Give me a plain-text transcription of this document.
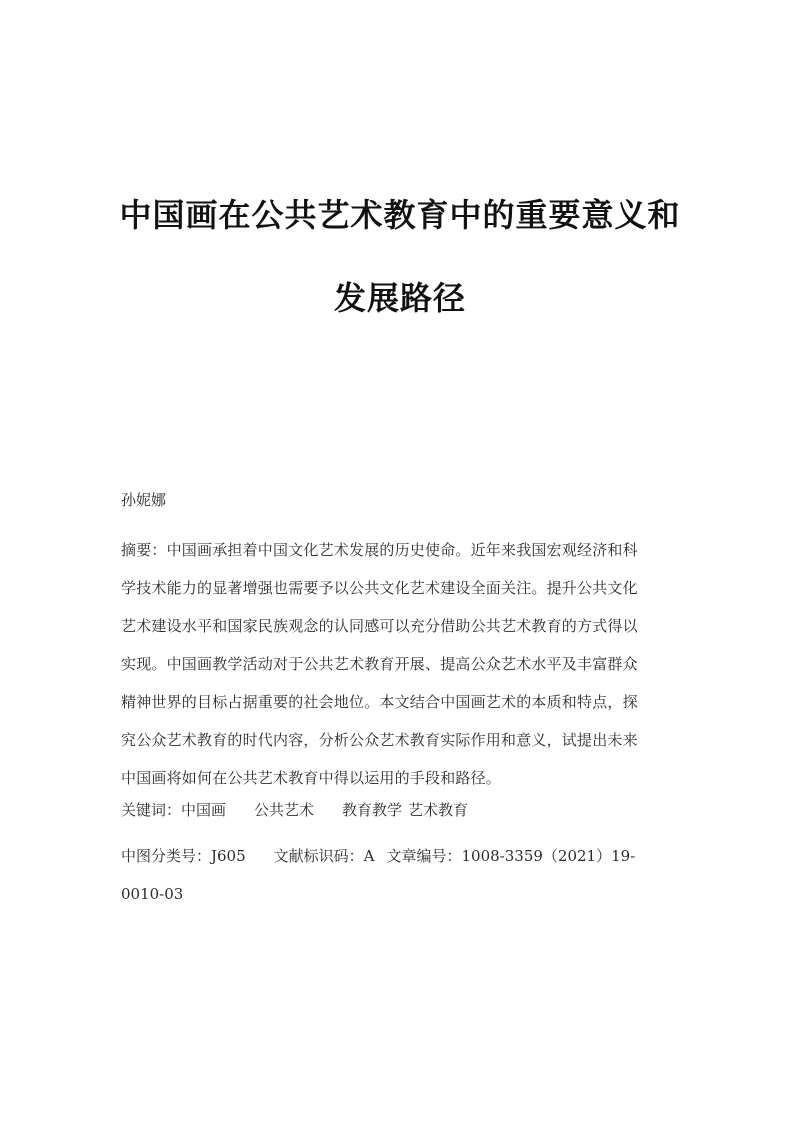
中国画在公共艺术教育中的重要意义和
发展路径
孙妮娜
摘要：中国画承担着中国文化艺术发展的历史使命。近年来我国宏观经济和科
学技术能力的显著增强也需要予以公共文化艺术建设全面关注。提升公共文化
艺术建设水平和国家民族观念的认同感可以充分借助公共艺术教育的方式得以
实现。中国画教学活动对于公共艺术教育开展、提高公众艺术水平及丰富群众
精神世界的目标占据重要的社会地位。本文结合中国画艺术的本质和特点，探
究公众艺术教育的时代内容，分析公众艺术教育实际作用和意义，试提出未来
中国画将如何在公共艺术教育中得以运用的手段和路径。
关键词：中国画 公共艺术 教育教学 艺术教育
中图分类号：J605 文献标识码：A 文章编号：1008-3359（2021）19-
0010-03
